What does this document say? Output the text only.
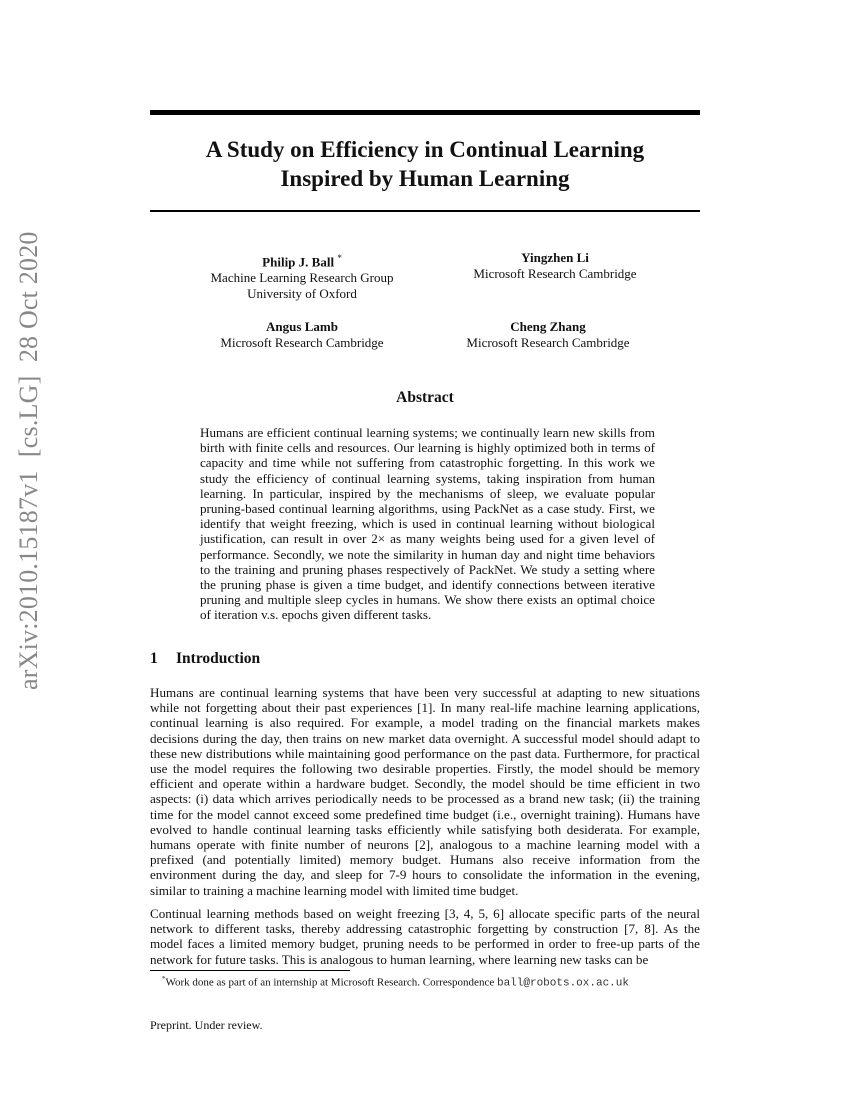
arXiv:2010.15187v1  [cs.LG]  28 Oct 2020
A Study on Efficiency in Continual Learning
Inspired by Human Learning
Philip J. Ball *
Machine Learning Research Group
University of Oxford
Yingzhen Li
Microsoft Research Cambridge
Angus Lamb
Microsoft Research Cambridge
Cheng Zhang
Microsoft Research Cambridge
Abstract
Humans are efficient continual learning systems; we continually learn new skills from birth with finite cells and resources. Our learning is highly optimized both in terms of capacity and time while not suffering from catastrophic forgetting. In this work we study the efficiency of continual learning systems, taking inspiration from human learning. In particular, inspired by the mechanisms of sleep, we evaluate popular pruning-based continual learning algorithms, using PackNet as a case study. First, we identify that weight freezing, which is used in continual learning without biological justification, can result in over 2× as many weights being used for a given level of performance. Secondly, we note the similarity in human day and night time behaviors to the training and pruning phases respectively of PackNet. We study a setting where the pruning phase is given a time budget, and identify connections between iterative pruning and multiple sleep cycles in humans. We show there exists an optimal choice of iteration v.s. epochs given different tasks.
1 Introduction
Humans are continual learning systems that have been very successful at adapting to new situations while not forgetting about their past experiences [1]. In many real-life machine learning applications, continual learning is also required. For example, a model trading on the financial markets makes decisions during the day, then trains on new market data overnight. A successful model should adapt to these new distributions while maintaining good performance on the past data. Furthermore, for practical use the model requires the following two desirable properties. Firstly, the model should be memory efficient and operate within a hardware budget. Secondly, the model should be time efficient in two aspects: (i) data which arrives periodically needs to be processed as a brand new task; (ii) the training time for the model cannot exceed some predefined time budget (i.e., overnight training). Humans have evolved to handle continual learning tasks efficiently while satisfying both desiderata. For example, humans operate with finite number of neurons [2], analogous to a machine learning model with a prefixed (and potentially limited) memory budget. Humans also receive information from the environment during the day, and sleep for 7-9 hours to consolidate the information in the evening, similar to training a machine learning model with limited time budget.
Continual learning methods based on weight freezing [3, 4, 5, 6] allocate specific parts of the neural network to different tasks, thereby addressing catastrophic forgetting by construction [7, 8]. As the model faces a limited memory budget, pruning needs to be performed in order to free-up parts of the network for future tasks. This is analogous to human learning, where learning new tasks can be
*Work done as part of an internship at Microsoft Research. Correspondence ball@robots.ox.ac.uk
Preprint. Under review.
